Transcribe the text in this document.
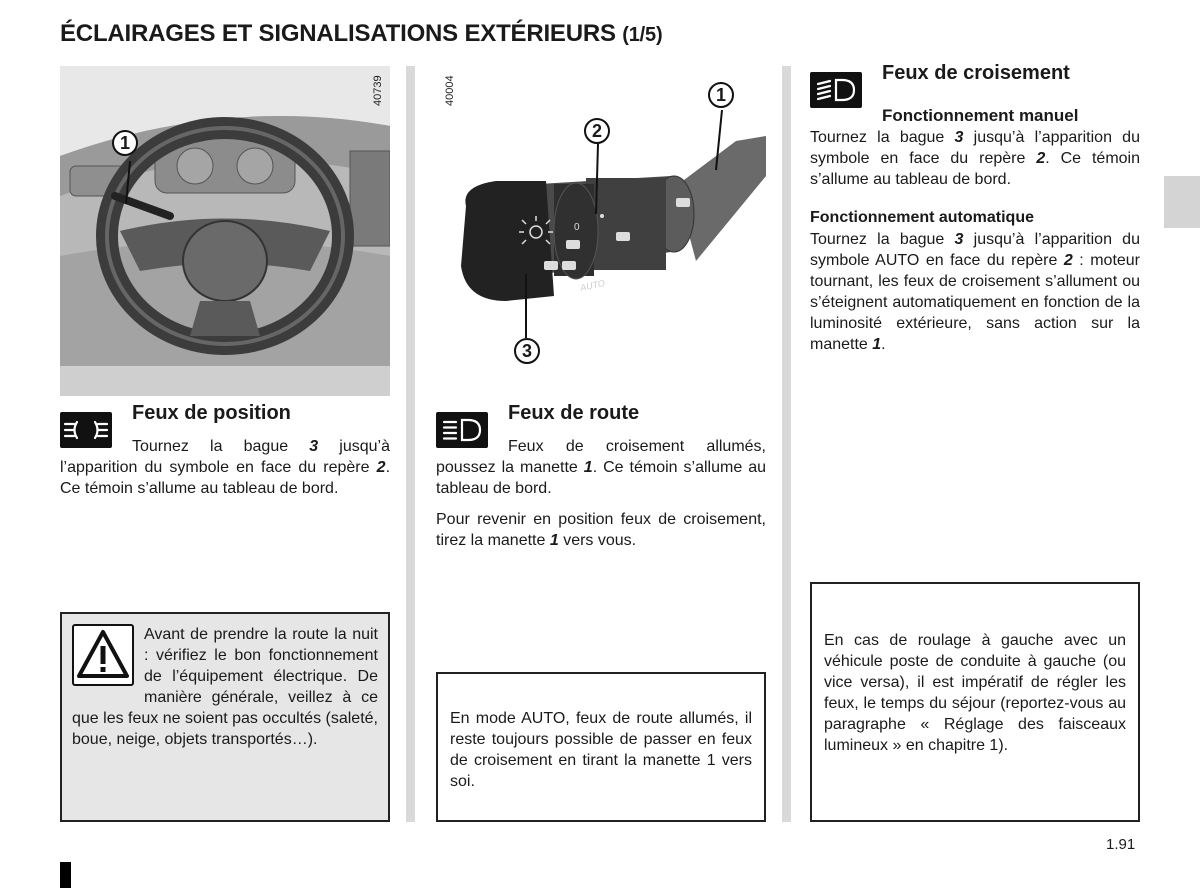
ÉCLAIRAGES ET SIGNALISATIONS EXTÉRIEURS (1/5)
1.91
1
40739
Feux de position
Tournez la bague 3 jusqu’à l’apparition du symbole en face du repère 2. Ce témoin s’allume au tableau de bord.
Avant de prendre la route la nuit : vérifiez le bon fonctionnement de l’équipement électrique. De manière générale, veillez à ce que les feux ne soient pas occultés (saleté, boue, neige, objets transportés…).
0
AUTO
1
2
3
40004
Feux de route
Feux de croisement allumés, poussez la manette 1. Ce témoin s’allume au tableau de bord.
Pour revenir en position feux de croisement, tirez la manette 1 vers vous.
En mode AUTO, feux de route allumés, il reste toujours possible de passer en feux de croisement en tirant la manette 1 vers soi.
Feux de croisement
Fonctionnement manuel
Tournez la bague 3 jusqu’à l’apparition du symbole en face du repère 2. Ce témoin s’allume au tableau de bord.
Fonctionnement automatique
Tournez la bague 3 jusqu’à l’apparition du symbole AUTO en face du repère 2 : moteur tournant, les feux de croisement s’allument ou s’éteignent automatiquement en fonction de la luminosité extérieure, sans action sur la manette 1.
En cas de roulage à gauche avec un véhicule poste de conduite à gauche (ou vice versa), il est impératif de régler les feux, le temps du séjour (reportez-vous au paragraphe « Réglage des faisceaux lumineux » en chapitre 1).
